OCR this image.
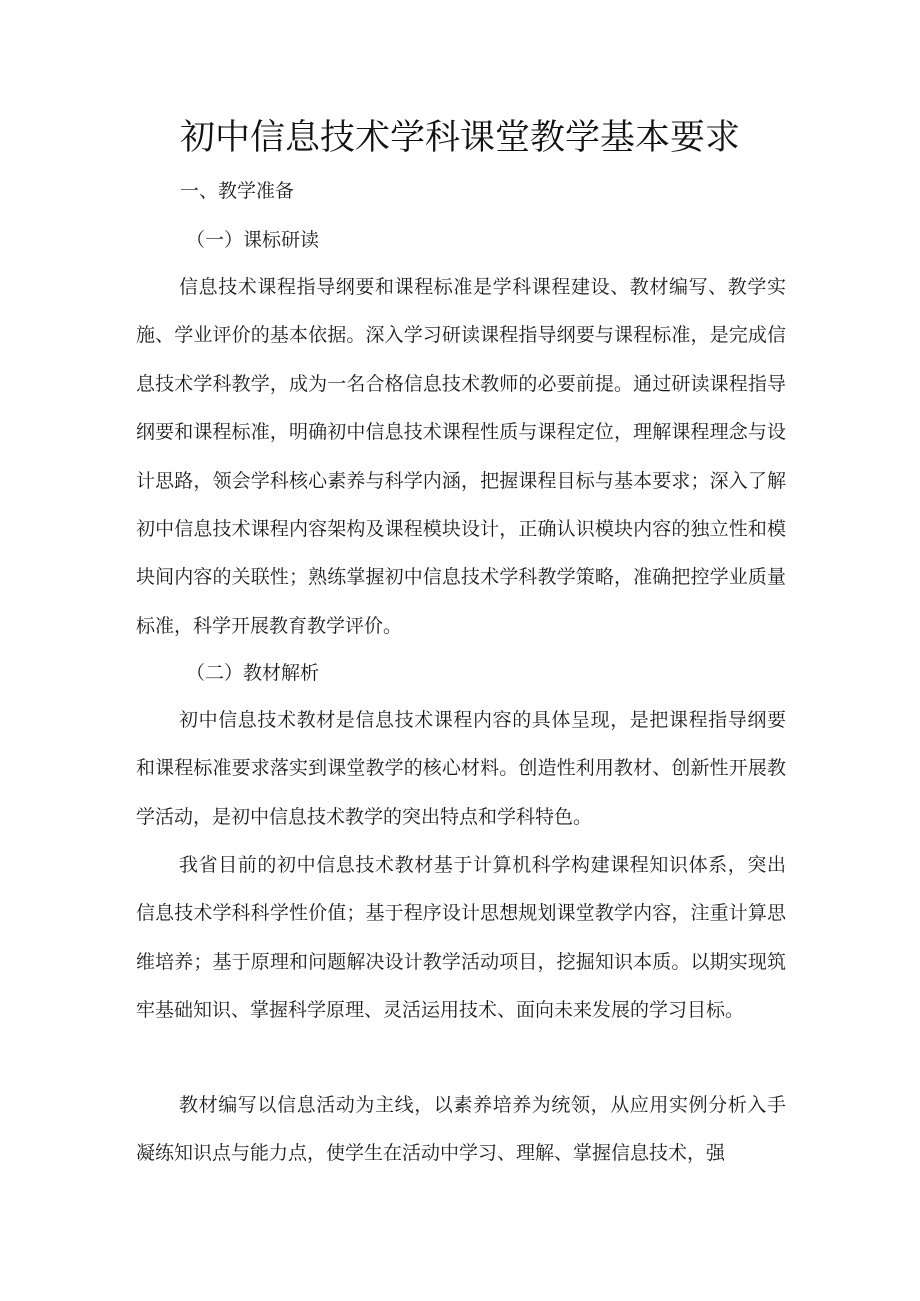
初中信息技术学科课堂教学基本要求
一、教学准备
（一）课标研读
信息技术课程指导纲要和课程标准是学科课程建设、教材编写、教学实施、学业评价的基本依据。深入学习研读课程指导纲要与课程标准，是完成信息技术学科教学，成为一名合格信息技术教师的必要前提。通过研读课程指导纲要和课程标准，明确初中信息技术课程性质与课程定位，理解课程理念与设计思路，领会学科核心素养与科学内涵，把握课程目标与基本要求；深入了解初中信息技术课程内容架构及课程模块设计，正确认识模块内容的独立性和模块间内容的关联性；熟练掌握初中信息技术学科教学策略，准确把控学业质量标准，科学开展教育教学评价。
（二）教材解析
初中信息技术教材是信息技术课程内容的具体呈现，是把课程指导纲要和课程标准要求落实到课堂教学的核心材料。创造性利用教材、创新性开展教学活动，是初中信息技术教学的突出特点和学科特色。
我省目前的初中信息技术教材基于计算机科学构建课程知识体系，突出信息技术学科科学性价值；基于程序设计思想规划课堂教学内容，注重计算思维培养；基于原理和问题解决设计教学活动项目，挖掘知识本质。以期实现筑牢基础知识、掌握科学原理、灵活运用技术、面向未来发展的学习目标。
教材编写以信息活动为主线，以素养培养为统领，从应用实例分析入手凝练知识点与能力点，使学生在活动中学习、理解、掌握信息技术，强
